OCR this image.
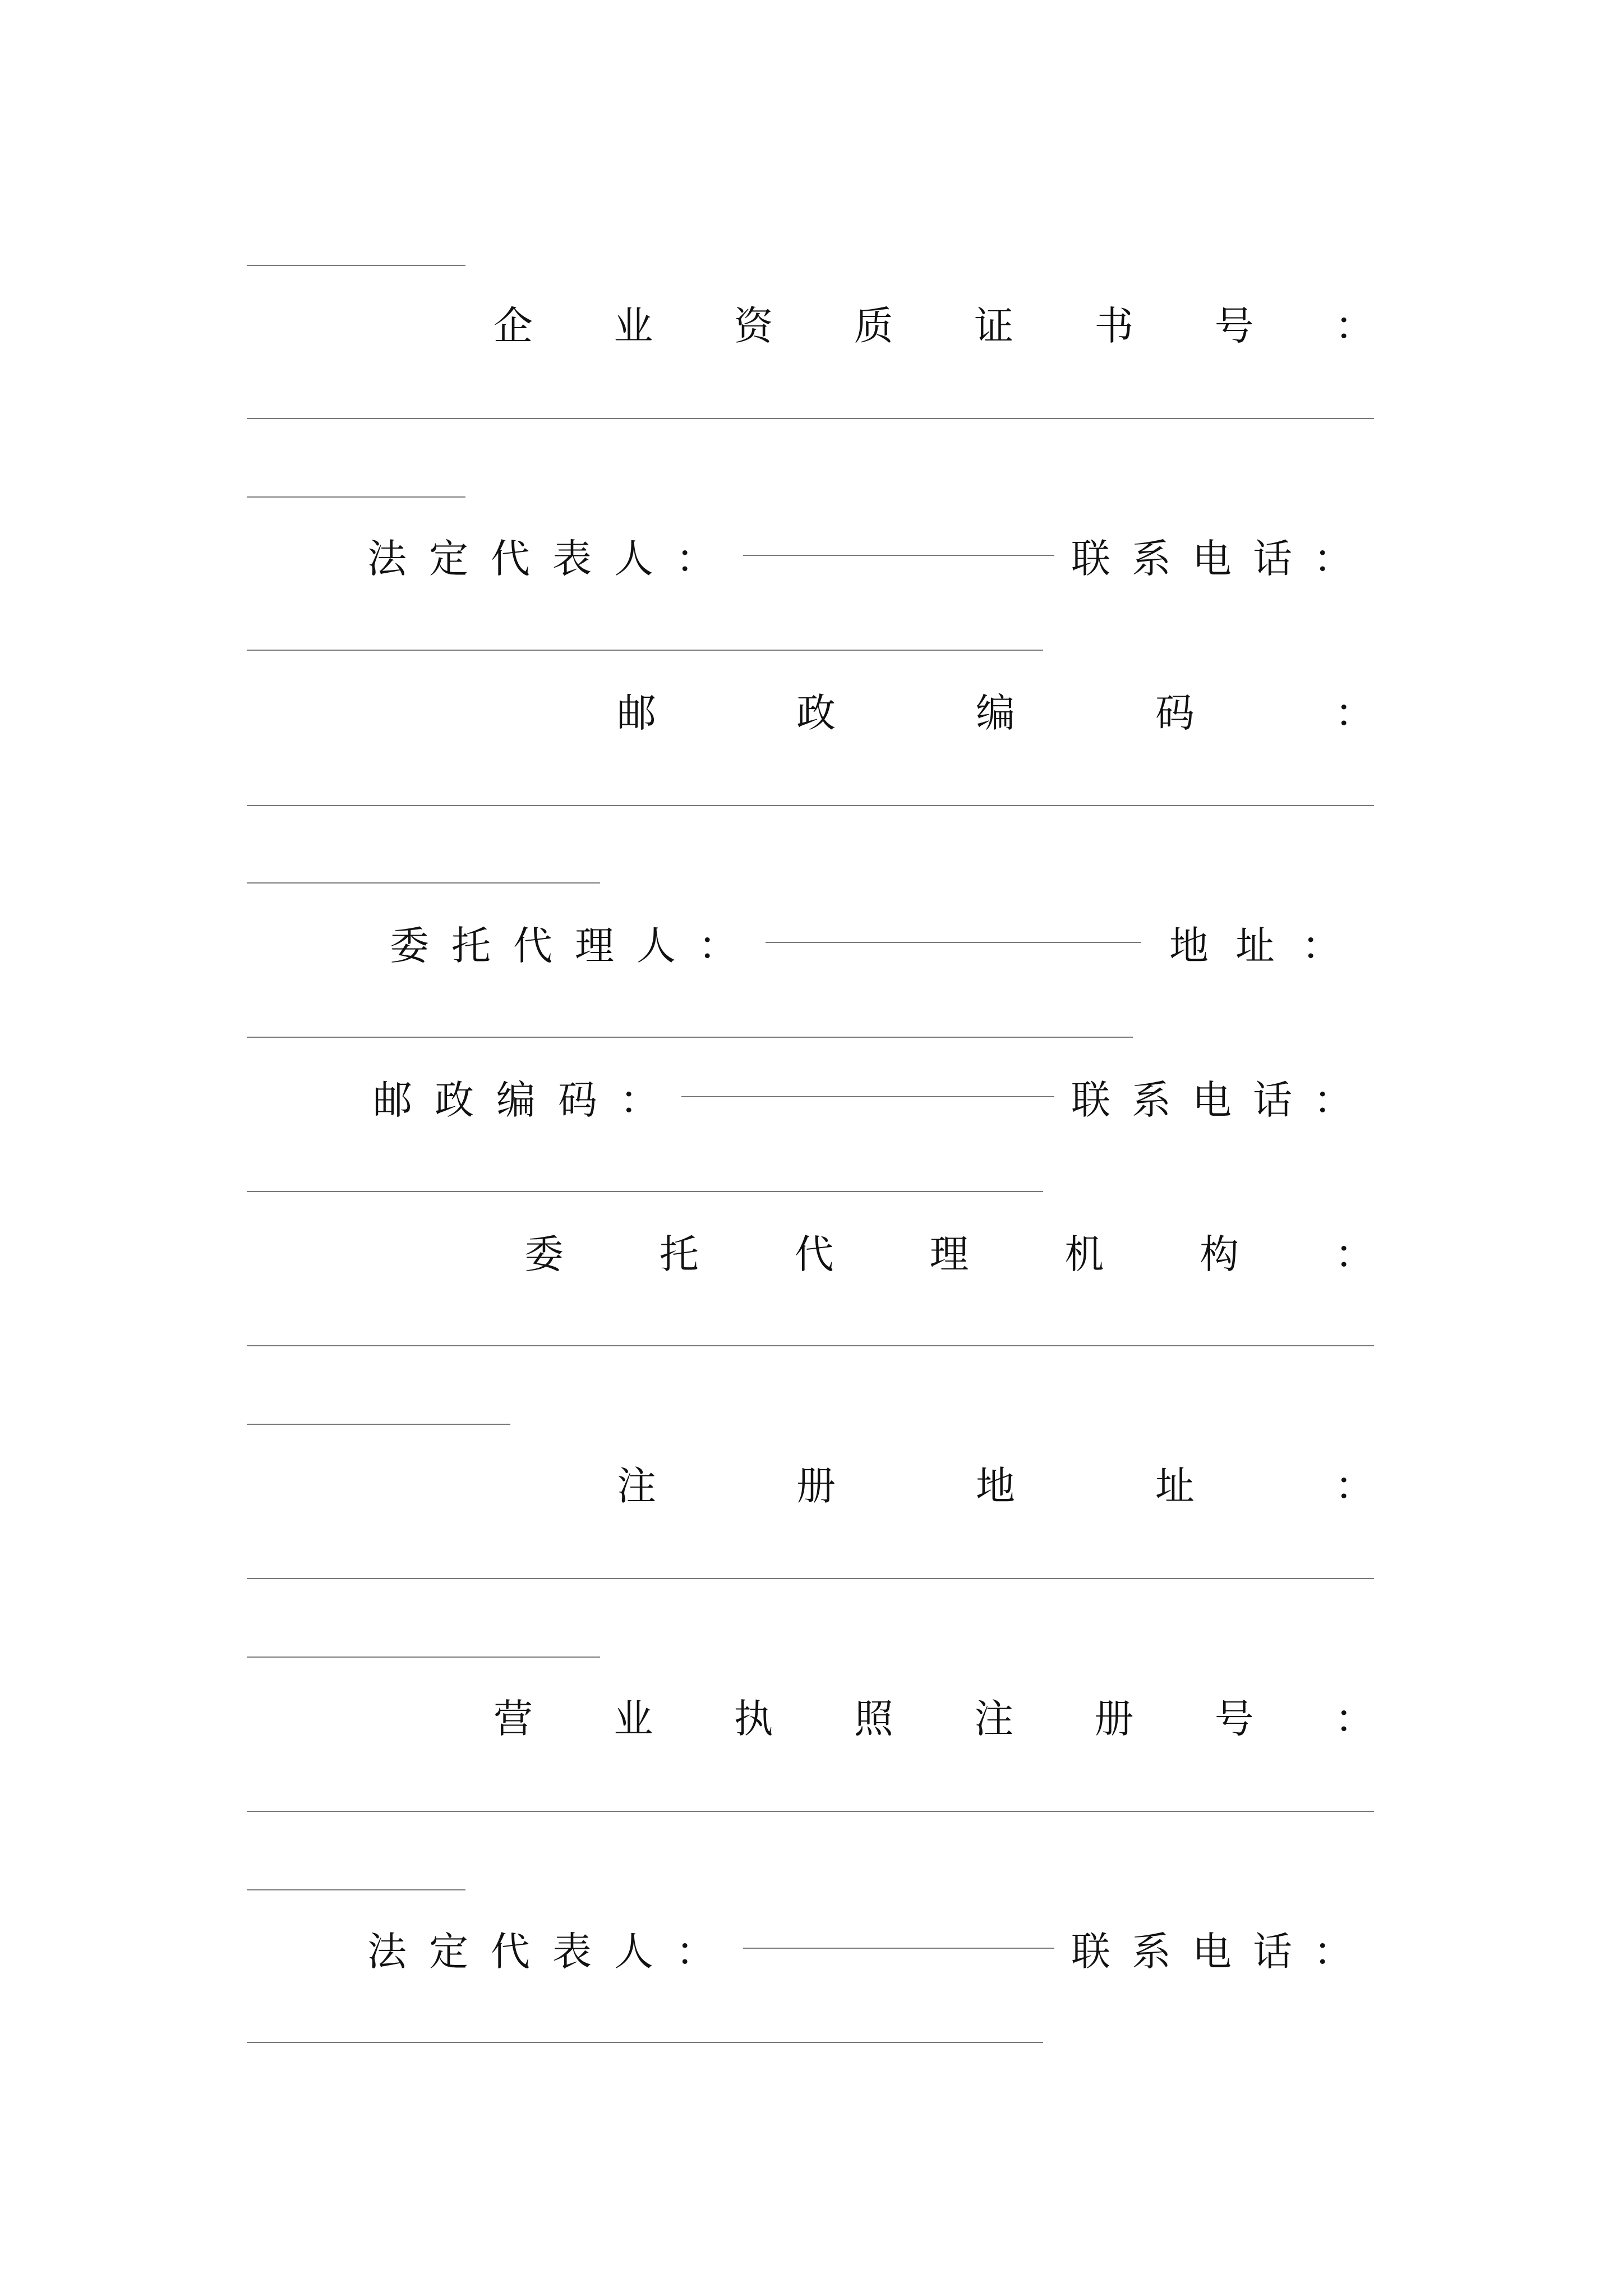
企 业 资 质 证 书 号 ：
法定代表人：	联系电话：
邮	政	编	码	：
委托代理人：	地址：
邮政编码：	联系电话：
委 托 代 理 机 构 ：
注	册	地	址	：
营 业 执 照 注 册 号 ：
法定代表人：	联系电话：
